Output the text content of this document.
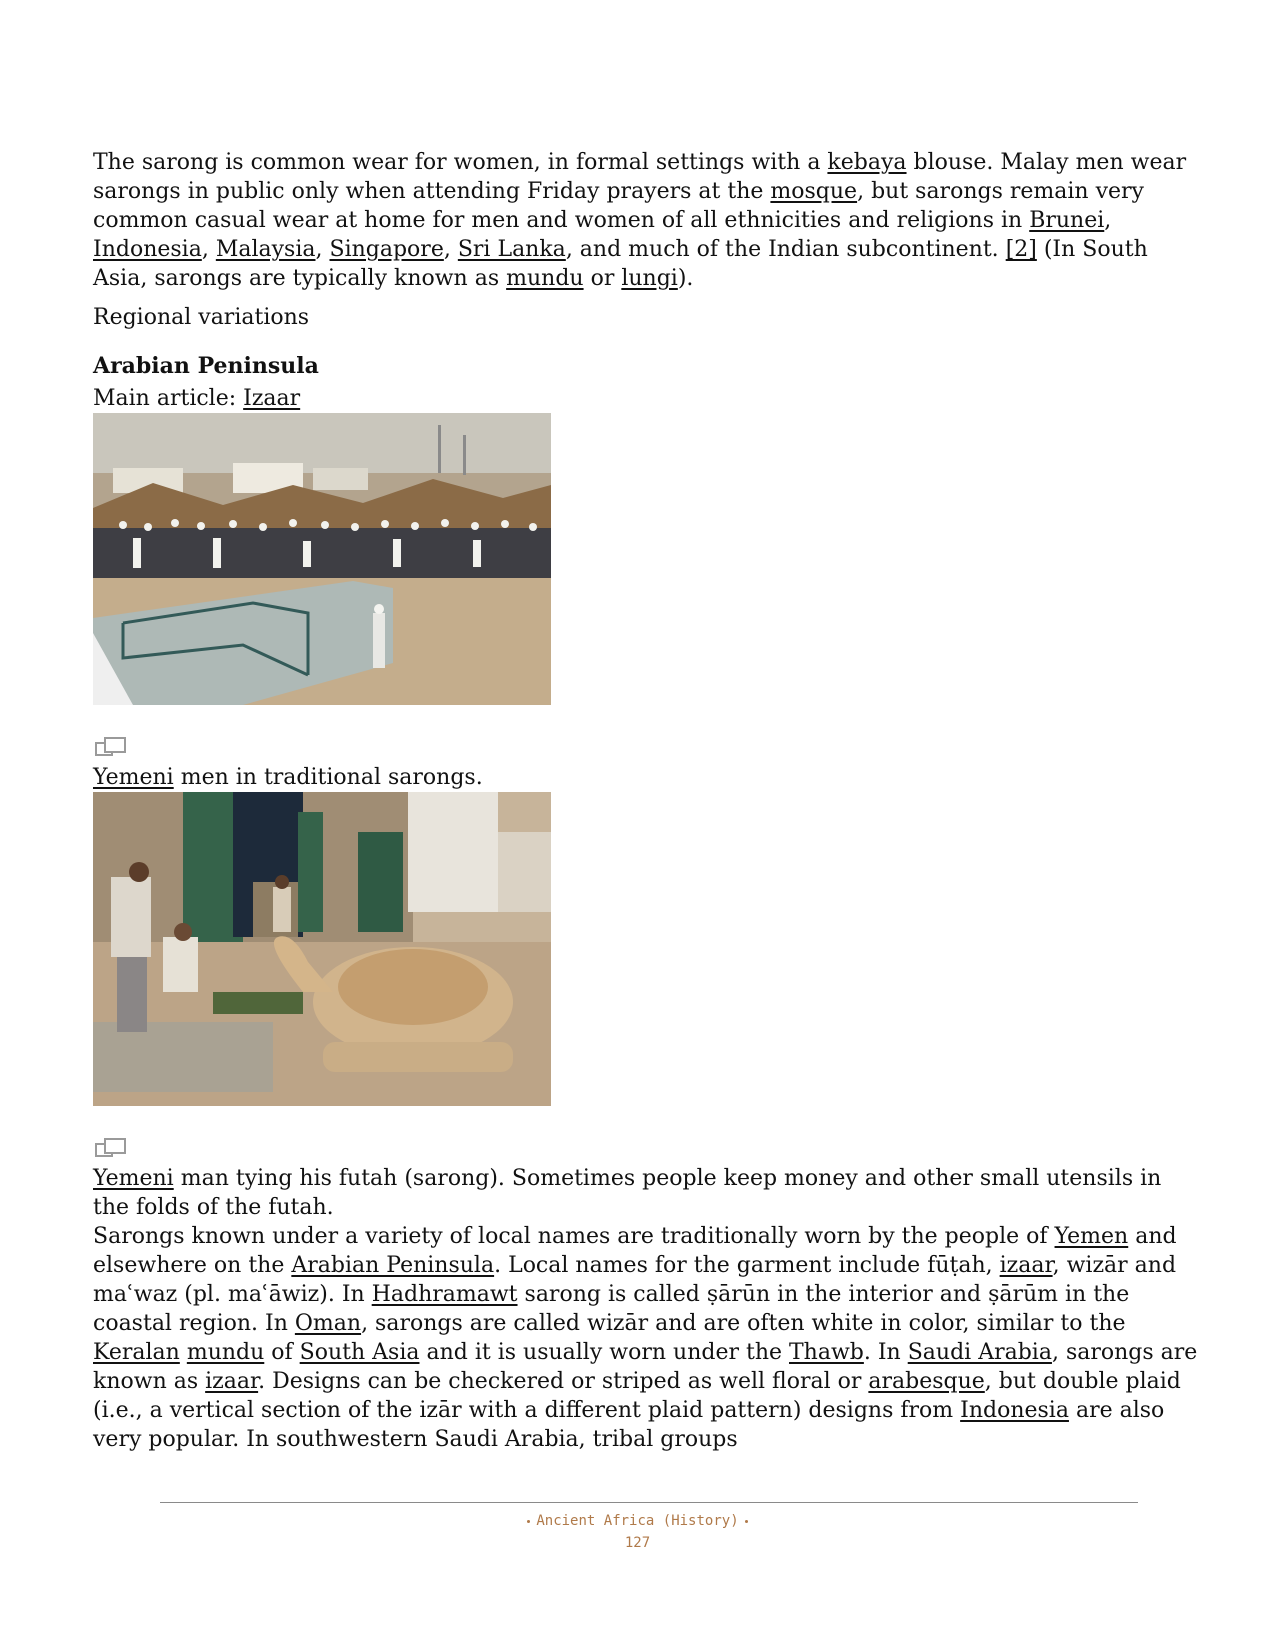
The sarong is common wear for women, in formal settings with a kebaya blouse. Malay men wear sarongs in public only when attending Friday prayers at the mosque, but sarongs remain very common casual wear at home for men and women of all ethnicities and religions in Brunei, Indonesia, Malaysia, Singapore, Sri Lanka, and much of the Indian subcontinent. [2] (In South Asia, sarongs are typically known as mundu or lungi).

Regional variations

Arabian Peninsula

Main article: Izaar

Yemeni men in traditional sarongs.

Yemeni man tying his futah (sarong). Sometimes people keep money and other small utensils in the folds of the futah.

Sarongs known under a variety of local names are traditionally worn by the people of Yemen and elsewhere on the Arabian Peninsula. Local names for the garment include fūṭah, izaar, wizār and maʿwaz (pl. maʿāwiz). In Hadhramawt sarong is called ṣārūn in the interior and ṣārūm in the coastal region. In Oman, sarongs are called wizār and are often white in color, similar to the Keralan mundu of South Asia and it is usually worn under the Thawb. In Saudi Arabia, sarongs are known as izaar. Designs can be checkered or striped as well floral or arabesque, but double plaid (i.e., a vertical section of the izār with a different plaid pattern) designs from Indonesia are also very popular. In southwestern Saudi Arabia, tribal groups

Ancient Africa (History)
127
